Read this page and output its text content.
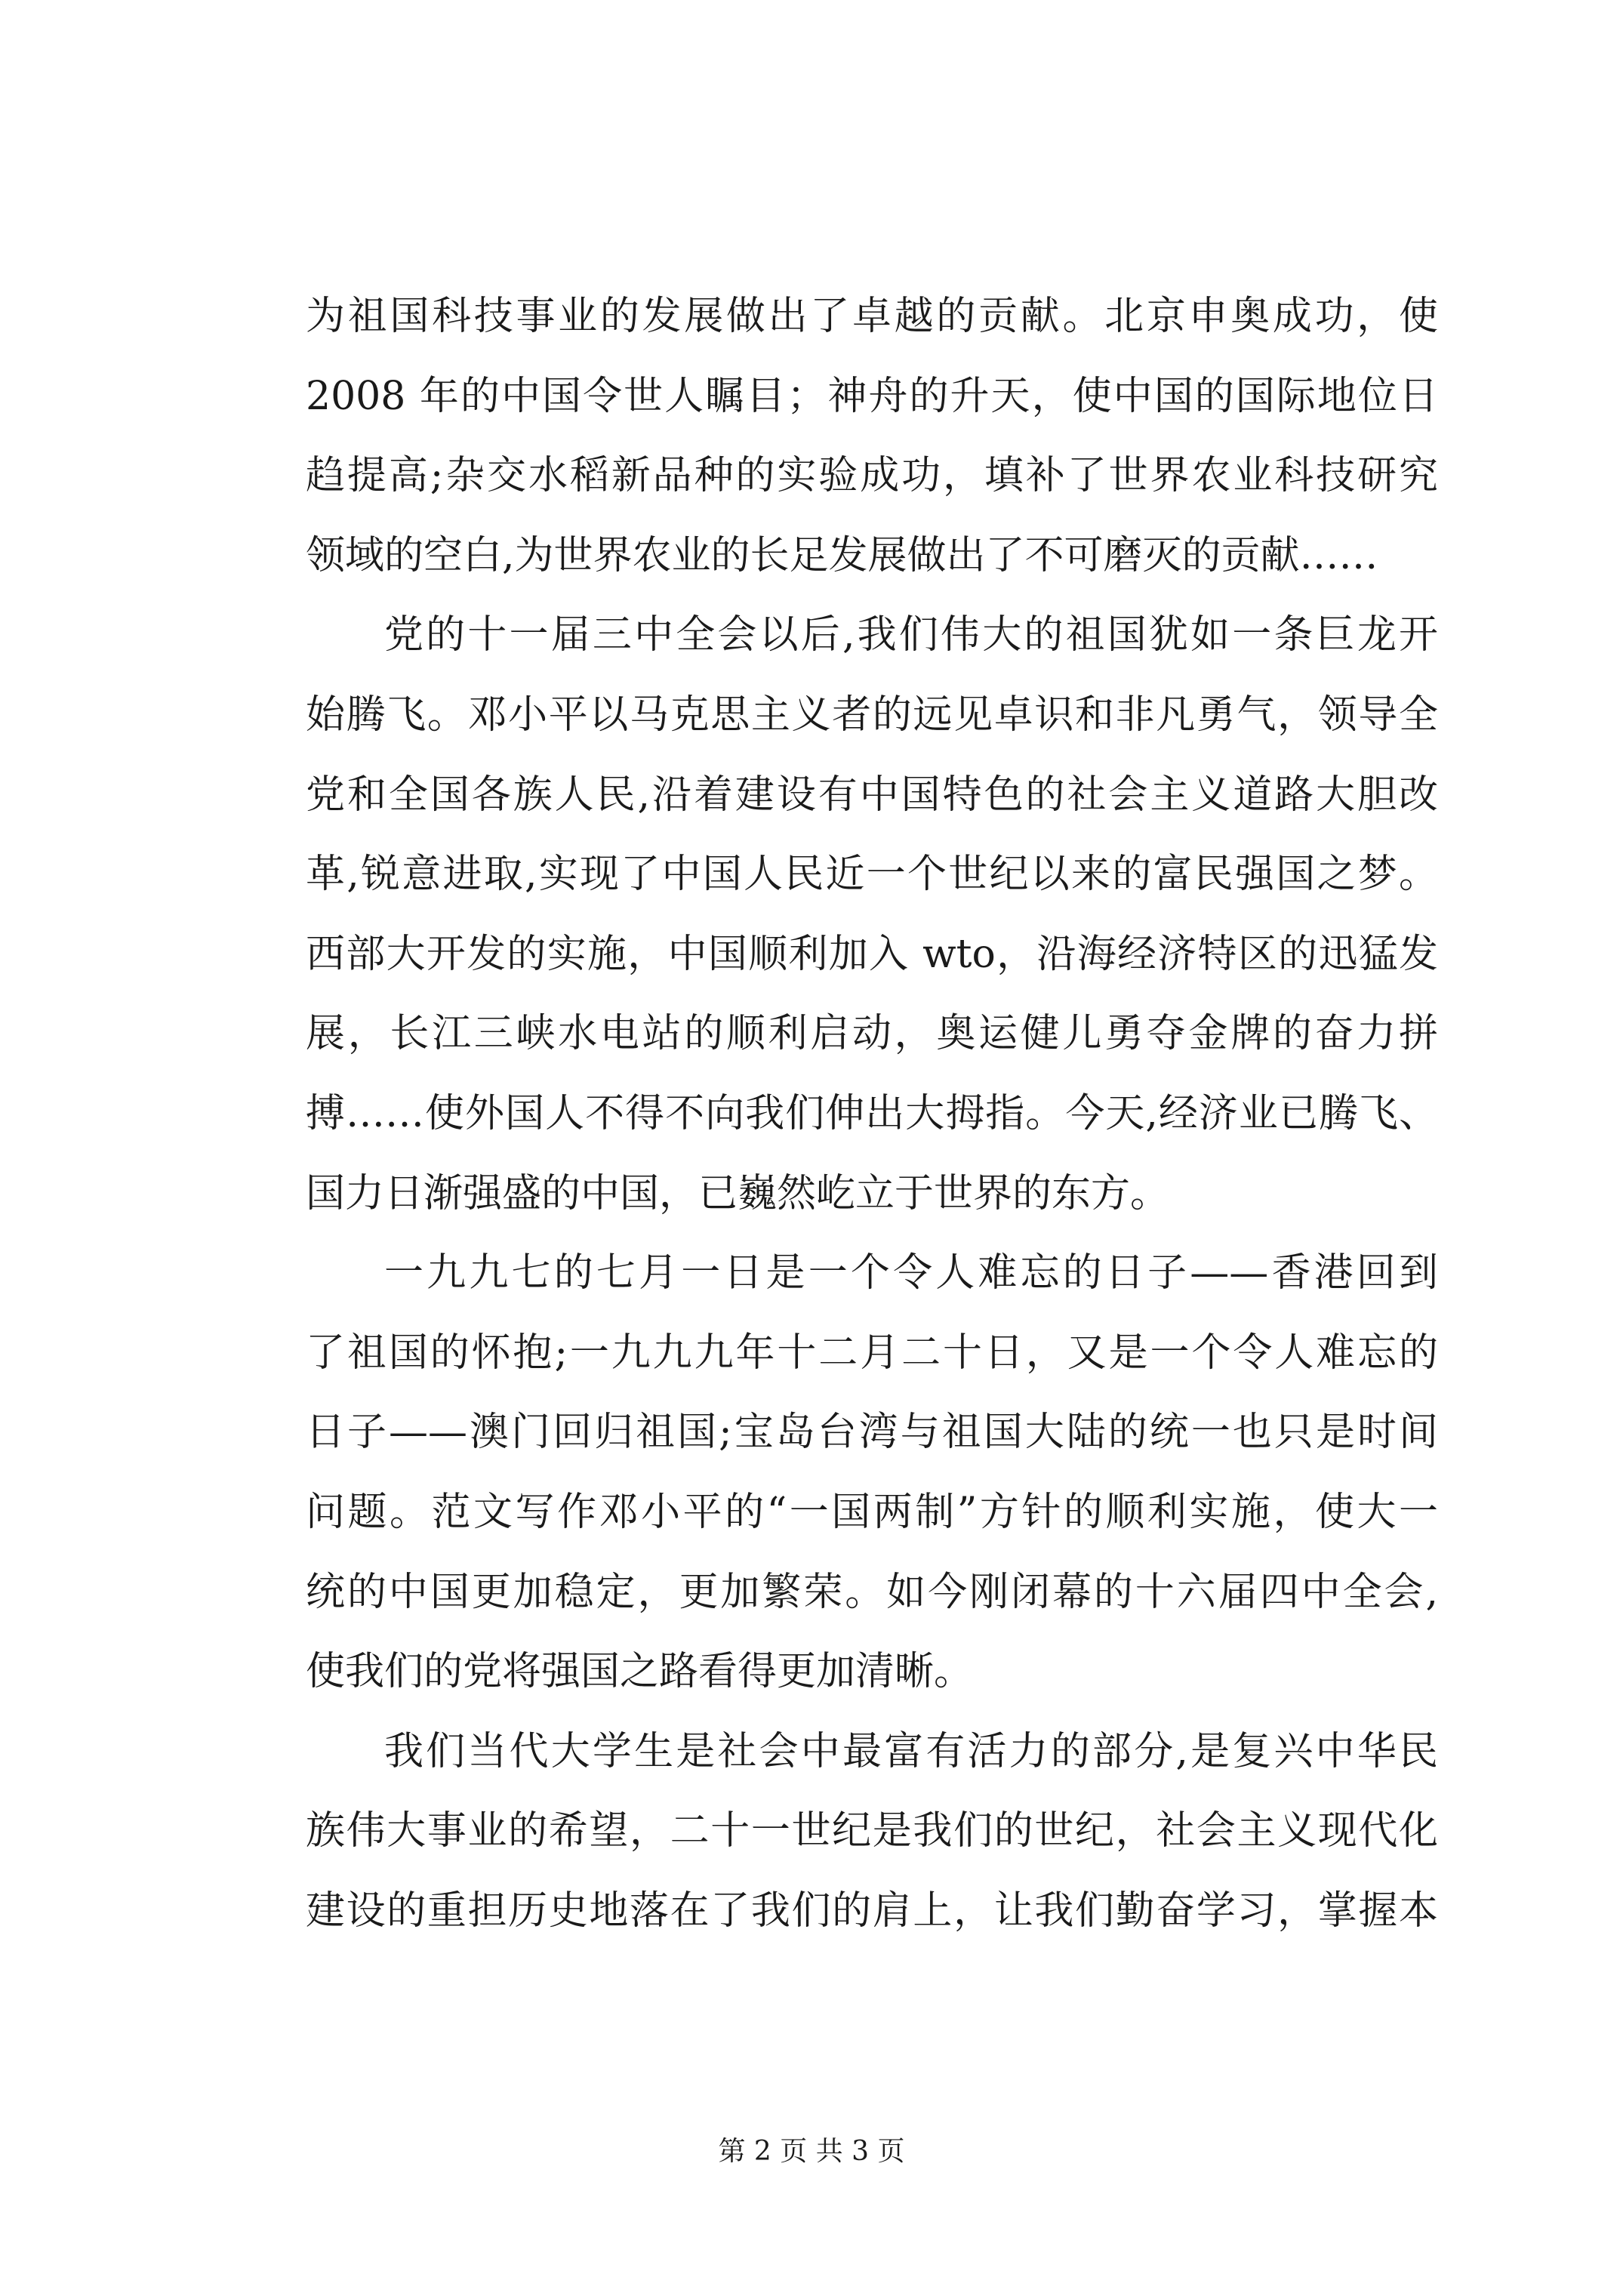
为祖国科技事业的发展做出了卓越的贡献。北京申奥成功，使
2008 年的中国令世人瞩目；神舟的升天，使中国的国际地位日
趋提高;杂交水稻新品种的实验成功，填补了世界农业科技研究
领域的空白,为世界农业的长足发展做出了不可磨灭的贡献……
党的十一届三中全会以后,我们伟大的祖国犹如一条巨龙开
始腾飞。邓小平以马克思主义者的远见卓识和非凡勇气，领导全
党和全国各族人民,沿着建设有中国特色的社会主义道路大胆改
革,锐意进取,实现了中国人民近一个世纪以来的富民强国之梦。
西部大开发的实施，中国顺利加入 wto，沿海经济特区的迅猛发
展，长江三峡水电站的顺利启动，奥运健儿勇夺金牌的奋力拼
搏……使外国人不得不向我们伸出大拇指。今天,经济业已腾飞、
国力日渐强盛的中国，已巍然屹立于世界的东方。
一九九七的七月一日是一个令人难忘的日子——香港回到
了祖国的怀抱;一九九九年十二月二十日，又是一个令人难忘的
日子——澳门回归祖国;宝岛台湾与祖国大陆的统一也只是时间
问题。范文写作邓小平的“一国两制”方针的顺利实施，使大一
统的中国更加稳定，更加繁荣。如今刚闭幕的十六届四中全会,
使我们的党将强国之路看得更加清晰。
我们当代大学生是社会中最富有活力的部分,是复兴中华民
族伟大事业的希望，二十一世纪是我们的世纪，社会主义现代化
建设的重担历史地落在了我们的肩上，让我们勤奋学习，掌握本
第 2 页 共 3 页
